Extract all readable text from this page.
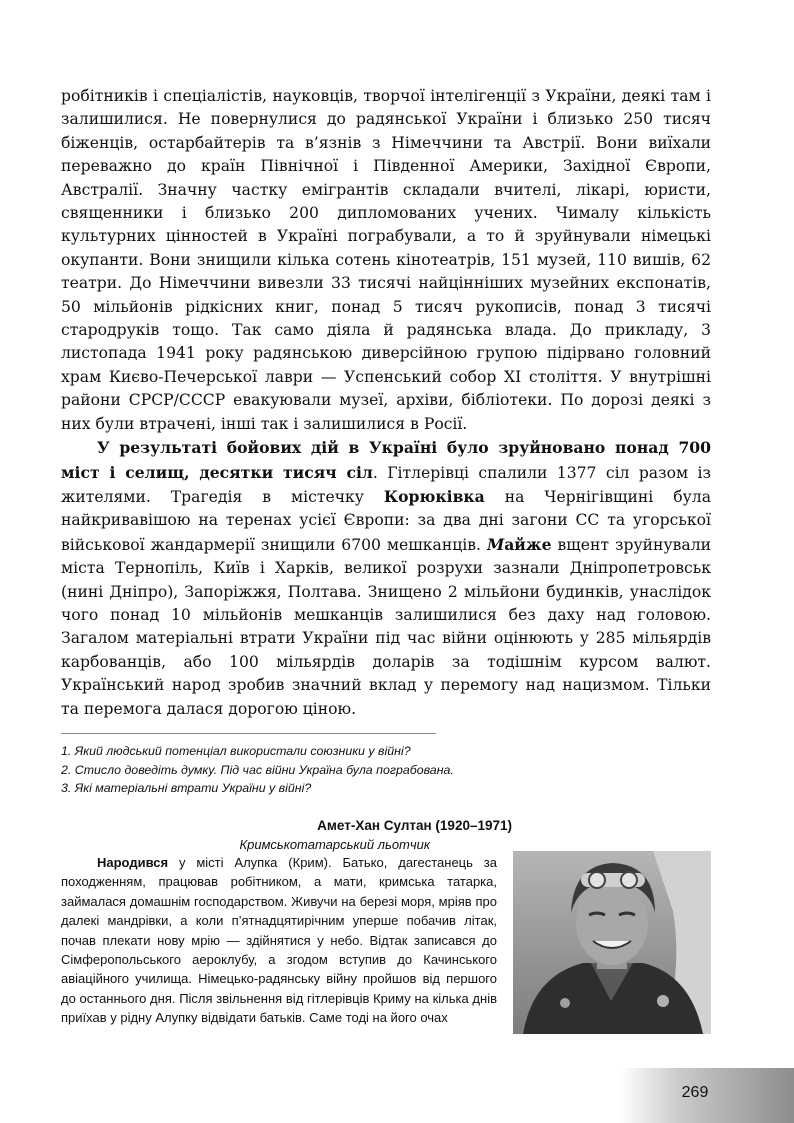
робітників і спеціалістів, науковців, творчої інтелігенції з України, деякі там і залишилися. Не повернулися до радянської України і близько 250 тисяч біженців, остарбайтерів та в’язнів з Німеччини та Австрії. Вони виїхали переважно до країн Північної і Південної Америки, Західної Європи, Австралії. Значну частку емігрантів складали вчителі, лікарі, юристи, священники і близько 200 дипломованих учених. Чималу кількість культурних цінностей в Україні пограбували, а то й зруйнували німецькі окупанти. Вони знищили кілька сотень кінотеатрів, 151 музей, 110 вишів, 62 театри. До Німеччини вивезли 33 тисячі найцінніших музейних експонатів, 50 мільйонів рідкісних книг, понад 5 тисяч рукописів, понад 3 тисячі стародруків тощо. Так само діяла й радянська влада. До прикладу, 3 листопада 1941 року радянською диверсійною групою підірвано головний храм Києво-Печерської лаври — Успенський собор XI століття. У внутрішні райони СРСР/СССР евакуювали музеї, архіви, бібліотеки. По дорозі деякі з них були втрачені, інші так і залишилися в Росії.

У результаті бойових дій в Україні було зруйновано понад 700 міст і селищ, десятки тисяч сіл. Гітлерівці спалили 1377 сіл разом із жителями. Трагедія в містечку Корюківка на Чернігівщині була найкривавішою на теренах усієї Європи: за два дні загони СС та угорської військової жандармерії знищили 6700 мешканців. Майже вщент зруйнували міста Тернопіль, Київ і Харків, великої розрухи зазнали Дніпропетровськ (нині Дніпро), Запоріжжя, Полтава. Знищено 2 мільйони будинків, унаслідок чого понад 10 мільйонів мешканців залишилися без даху над головою. Загалом матеріальні втрати України під час війни оцінюють у 285 мільярдів карбованців, або 100 мільярдів доларів за тодішнім курсом валют. Український народ зробив значний вклад у перемогу над нацизмом. Тільки та перемога далася дорогою ціною.

1. Який людський потенціал використали союзники у війні?
2. Стисло доведіть думку. Під час війни Україна була пограбована.
3. Які матеріальні втрати України у війні?
Амет-Хан Султан (1920–1971)
Кримськотатарський льотчик

Народився у місті Алупка (Крим). Батько, дагестанець за походженням, працював робітником, а мати, кримська татарка, займалася домашнім господарством. Живучи на березі моря, мріяв про далекі мандрівки, а коли п’ятнадцятирічним уперше побачив літак, почав плекати нову мрію — здійнятися у небо. Відтак записався до Сімферопольського аероклубу, а згодом вступив до Качинського авіаційного училища. Німецько-радянську війну пройшов від першого до останнього дня. Після звільнення від гітлерівців Криму на кілька днів приїхав у рідну Алупку відвідати батьків. Саме тоді на його очах

269
